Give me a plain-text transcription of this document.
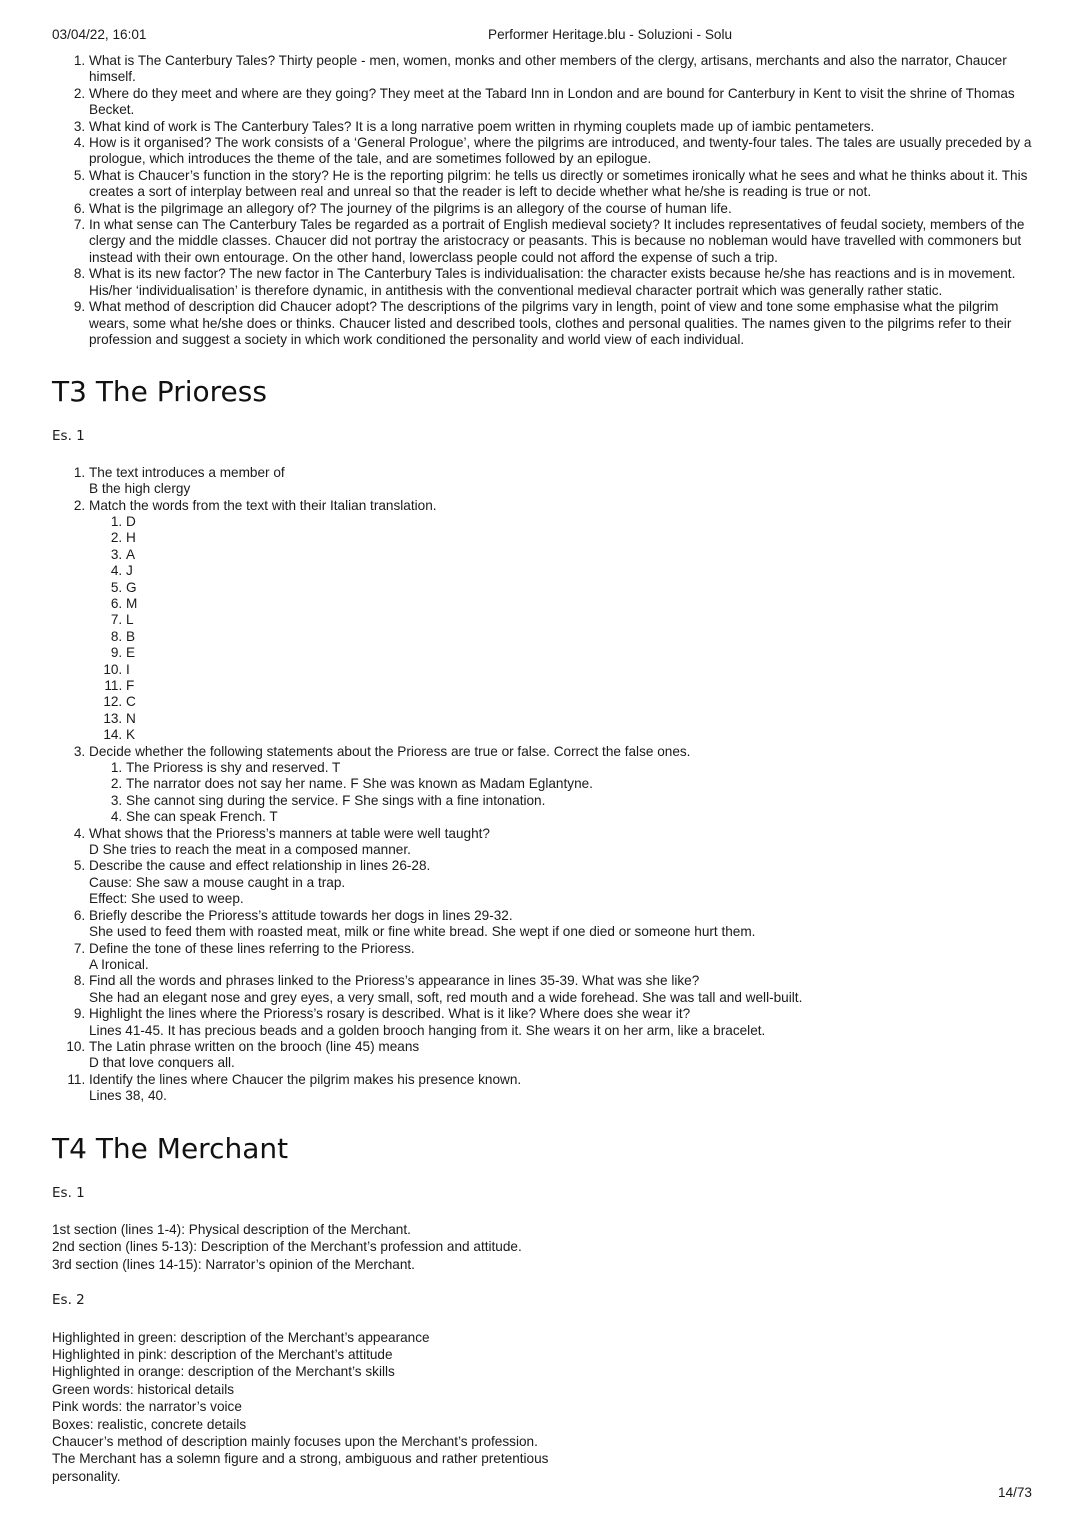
03/04/22, 16:01	Performer Heritage.blu - Soluzioni - Solu
1. What is The Canterbury Tales? Thirty people - men, women, monks and other members of the clergy, artisans, merchants and also the narrator, Chaucer himself.
2. Where do they meet and where are they going? They meet at the Tabard Inn in London and are bound for Canterbury in Kent to visit the shrine of Thomas Becket.
3. What kind of work is The Canterbury Tales? It is a long narrative poem written in rhyming couplets made up of iambic pentameters.
4. How is it organised? The work consists of a ‘General Prologue’, where the pilgrims are introduced, and twenty-four tales. The tales are usually preceded by a prologue, which introduces the theme of the tale, and are sometimes followed by an epilogue.
5. What is Chaucer’s function in the story? He is the reporting pilgrim: he tells us directly or sometimes ironically what he sees and what he thinks about it. This creates a sort of interplay between real and unreal so that the reader is left to decide whether what he/she is reading is true or not.
6. What is the pilgrimage an allegory of? The journey of the pilgrims is an allegory of the course of human life.
7. In what sense can The Canterbury Tales be regarded as a portrait of English medieval society? It includes representatives of feudal society, members of the clergy and the middle classes. Chaucer did not portray the aristocracy or peasants. This is because no nobleman would have travelled with commoners but instead with their own entourage. On the other hand, lowerclass people could not afford the expense of such a trip.
8. What is its new factor? The new factor in The Canterbury Tales is individualisation: the character exists because he/she has reactions and is in movement. His/her ‘individualisation’ is therefore dynamic, in antithesis with the conventional medieval character portrait which was generally rather static.
9. What method of description did Chaucer adopt? The descriptions of the pilgrims vary in length, point of view and tone some emphasise what the pilgrim wears, some what he/she does or thinks. Chaucer listed and described tools, clothes and personal qualities. The names given to the pilgrims refer to their profession and suggest a society in which work conditioned the personality and world view of each individual.
T3 The Prioress
Es. 1
1. The text introduces a member of
B the high clergy
2. Match the words from the text with their Italian translation.
1. D
2. H
3. A
4. J
5. G
6. M
7. L
8. B
9. E
10. I
11. F
12. C
13. N
14. K
3. Decide whether the following statements about the Prioress are true or false. Correct the false ones.
1. The Prioress is shy and reserved. T
2. The narrator does not say her name. F She was known as Madam Eglantyne.
3. She cannot sing during the service. F She sings with a fine intonation.
4. She can speak French. T
4. What shows that the Prioress’s manners at table were well taught?
D She tries to reach the meat in a composed manner.
5. Describe the cause and effect relationship in lines 26-28.
Cause: She saw a mouse caught in a trap.
Effect: She used to weep.
6. Briefly describe the Prioress’s attitude towards her dogs in lines 29-32.
She used to feed them with roasted meat, milk or fine white bread. She wept if one died or someone hurt them.
7. Define the tone of these lines referring to the Prioress.
A Ironical.
8. Find all the words and phrases linked to the Prioress’s appearance in lines 35-39. What was she like?
She had an elegant nose and grey eyes, a very small, soft, red mouth and a wide forehead. She was tall and well-built.
9. Highlight the lines where the Prioress’s rosary is described. What is it like? Where does she wear it?
Lines 41-45. It has precious beads and a golden brooch hanging from it. She wears it on her arm, like a bracelet.
10. The Latin phrase written on the brooch (line 45) means
D that love conquers all.
11. Identify the lines where Chaucer the pilgrim makes his presence known.
Lines 38, 40.
T4 The Merchant
Es. 1

1st section (lines 1-4): Physical description of the Merchant.

2nd section (lines 5-13): Description of the Merchant’s profession and attitude.

3rd section (lines 14-15): Narrator’s opinion of the Merchant.

Es. 2

Highlighted in green: description of the Merchant’s appearance

Highlighted in pink: description of the Merchant’s attitude

Highlighted in orange: description of the Merchant’s skills

Green words: historical details

Pink words: the narrator’s voice

Boxes: realistic, concrete details

Chaucer’s method of description mainly focuses upon the Merchant’s profession.

The Merchant has a solemn figure and a strong, ambiguous and rather pretentious

personality.

14/73
